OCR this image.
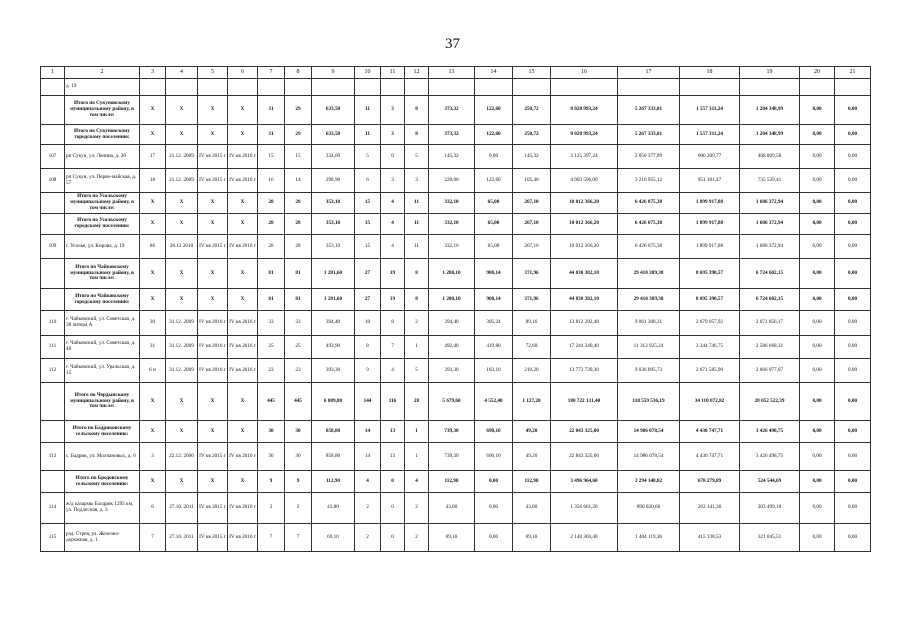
37
1	2	3	4	5	6	7	8	9	10	11	12	13	14	15	16	17	18	19	20	21
	д. 19																			
	Итого по Сукуновскому муниципальному району, в том числе:	X	X	X	X	31	29	633,50	11	3	8	373,32	122,60	250,72	8 028 993,24	5 267 333,01	1 557 311,24	1 204 348,99	0,00	0,00
	Итого по Сукуновскому городскому поселению:	X	X	X	X	31	29	633,50	11	3	8	373,32	122,60	250,72	8 028 993,24	5 267 333,01	1 557 311,24	1 204 348,99	0,00	0,00
107	рп Сукун, ул. Ленина, д. 30	17	21.12. 2009	IV кв 2015 г	IV кв 2016 г	15	15	334,60	5	0	5	145,32	0,00	145,32	3 125 397,24	2 050 377,89	606 209,77	468 809,58	0,00	0,00
108	рп Сукун, ул. Перво-майская, д. 57	18	21.12. 2009	IV кв 2015 г	IV кв 2016 г	16	14	298,90	6	3	3	228,00	122,60	105,40	4 903 596,00	3 216 955,12	951 101,47	735 539,41	0,00	0,00
	Итого по Усольскому муниципальному району, в том числе:	X	X	X	X	28	28	353,10	15	4	11	332,10	65,00	267,10	10 012 366,20	6 426 075,38	1 899 917,88	1 686 372,94	0,00	0,00
	Итого по Усольскому городскому поселению:	X	X	X	X	28	28	353,10	15	4	11	332,10	65,00	267,10	10 012 366,20	6 426 075,38	1 899 917,88	1 686 372,94	0,00	0,00
109	г. Усолье, ул. Кирова, д. 19	86	28.12 2010	IV кв 2015 г	IV кв 2016 г	28	28	353,10	15	4	11	332,10	65,00	267,10	10 012 366,20	6 426 075,38	1 899 917,88	1 686 372,94	0,00	0,00
	Итого по Чайковскому муниципальному району, в том числе:	X	X	X	X	81	81	1 281,60	27	19	8	1 280,10	908,14	371,96	44 830 382,10	29 410 389,38	8 695 390,57	6 724 602,15	0,00	0,00
	Итого по Чайковскому городскому поселению:	X	X	X	X	81	81	1 281,60	27	19	8	1 280,10	908,14	371,96	44 830 382,10	29 410 389,38	8 695 390,57	6 724 602,15	0,00	0,00
110	г. Чайковский, ул. Советская, д. 38 литера А	30	31.12. 2009	IV кв 2016 г	IV кв 2016 г	33	33	394,40	10	8	2	394,40	305,24	89,16	13 812 292,40	9 061 308,31	2 679 057,92	2 071 856,17	0,00	0,00
111	г. Чайковский, ул. Советская, д. 40	31	31.12. 2009	IV кв 2016 г	IV кв 2016 г	25	25	493,90	8	7	1	492,40	419,80	72,60	17 244 340,40	11 312 925,24	3 344 746,75	2 586 668,31	0,00	0,00
112	г. Чайковский, ул. Уральская, д. 15	6 н	31.12. 2009	IV кв 2016 г	IV кв 2016 г	23	23	393,30	9	4	5	393,30	183,10	210,20	13 773 739,30	9 036 095,73	2 671 585,90	2 066 077,67	0,00	0,00
	Итого по Чердынскому муниципальному району, в том числе:	X	X	X	X	445	445	6 089,80	144	116	28	5 679,60	4 552,40	1 127,20	180 722 131,40	118 559 536,19	34 110 072,82	28 052 522,39	0,00	0,00
	Итого по Бадриковскому сельскому поселению:	X	X	X	X	30	30	858,80	14	13	1	739,30	690,10	49,20	22 843 325,00	14 986 078,54	4 430 747,71	3 426 498,75	0,00	0,00
113	с. Бадрик, ул. Молчановых, д. 6	3	22.12. 2006	IV кв 2015 г	IV кв 2016 г	30	30	858,80	14	13	1	739,30	690,10	49,20	22 843 325,00	14 986 078,54	4 430 747,71	3 426 498,75	0,00	0,00
	Итого по Бродовскому сельскому поселению:	X	X	X	X	9	9	112,90	4	0	4	112,90	0,00	112,90	3 496 964,60	2 294 140,02	678 279,89	524 544,69	0,00	0,00
114	ж/д казармы Балдрик 1295 км, ул. Подлесная, д. 3	6	27.10. 2011	IV кв 2015 г	IV кв 2016 г	2	2	43,80	2	0	2	43,80	0,00	43,80	1 356 661,20	890 020,66	263 141,36	203 499,18	0,00	0,00
115	рзд. Стрея, ул. Железно-дорожная, д. 1	7	27.10. 2011	IV кв 2015 г	IV кв 2016 г	7	7	69,10	2	0	2	69,10	0,00	69,10	2 140 303,40	1 404 119,36	415 138,53	321 045,51	0,00	0,00
